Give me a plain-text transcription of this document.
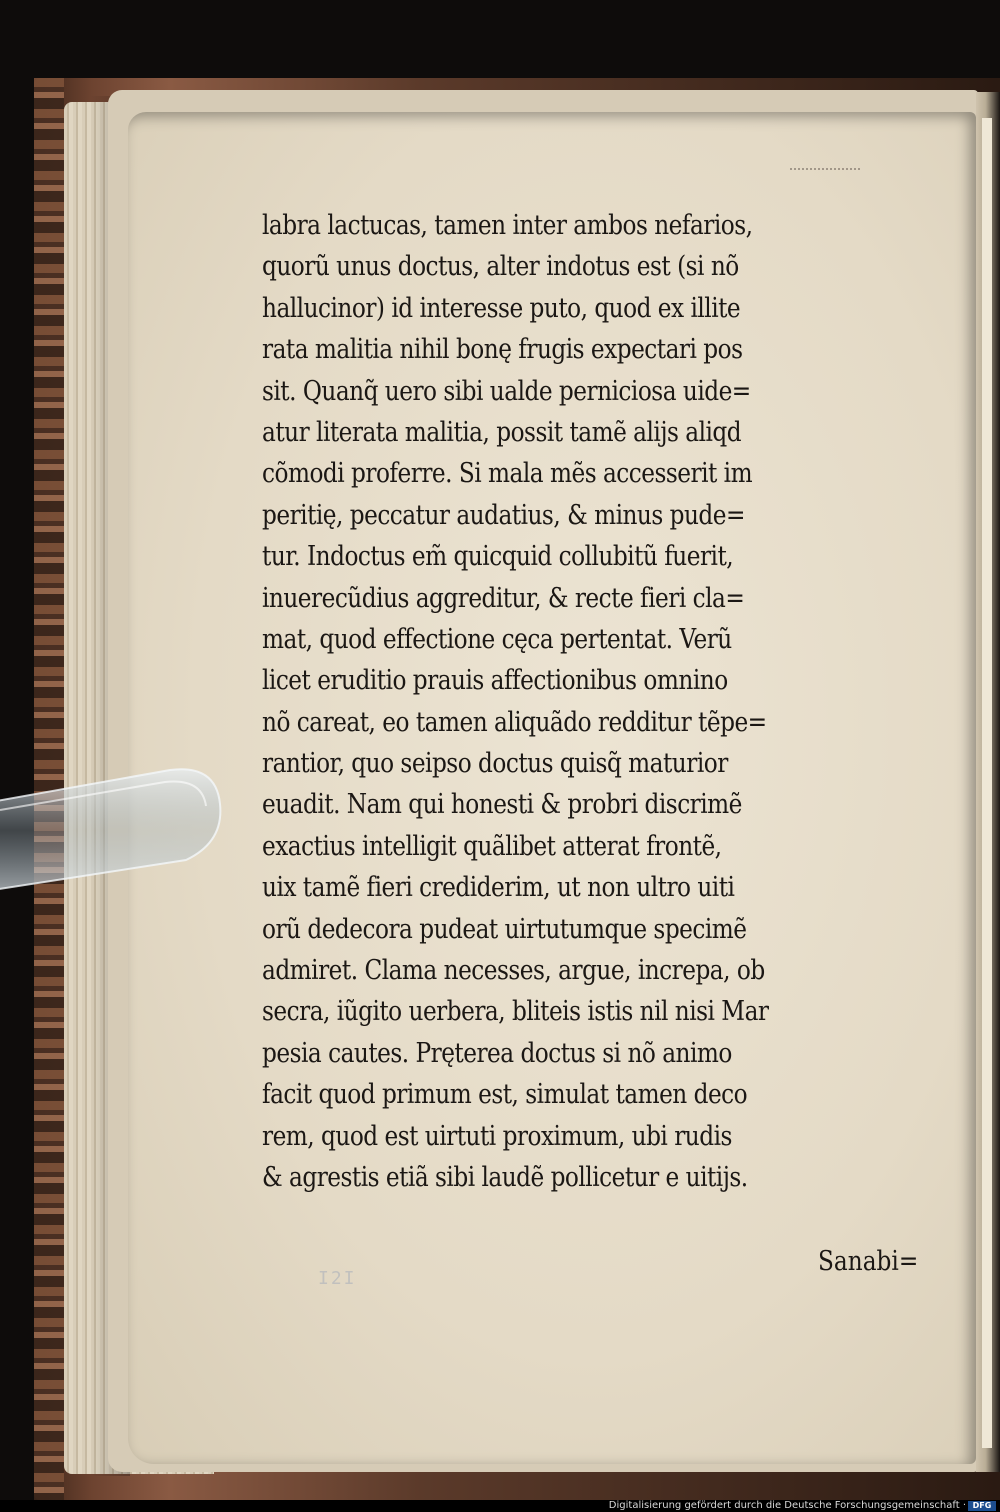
labra lactucas, tamen inter ambos nefarios,
quorũ unus doctus, alter indotus est (si nõ
hallucinor) id interesse puto, quod ex illite
rata malitia nihil bonę frugis expectari pos
sit. Quanq̃ uero sibi ualde perniciosa uide=
atur literata malitia, possit tamẽ alijs aliqd
cõmodi proferre. Si mala mẽs accesserit im
peritię, peccatur audatius, & minus pude=
tur. Indoctus em̃ quicquid collubitũ fuerit,
inuerecũdius aggreditur, & recte fieri cla=
mat, quod effectione cęca pertentat. Verũ
licet eruditio prauis affectionibus omnino
nõ careat, eo tamen aliquãdo redditur tẽpe=
rantior, quo seipso doctus quisq̃ maturior
euadit. Nam qui honesti & probri discrimẽ
exactius intelligit quãlibet atterat frontẽ,
uix tamẽ fieri crediderim, ut non ultro uiti
orũ dedecora pudeat uirtutumque specimẽ
admiret. Clama necesses, argue, increpa, ob
secra, iũgito uerbera, bliteis istis nil nisi Mar
pesia cautes. Pręterea doctus si nõ animo
facit quod primum est, simulat tamen deco
rem, quod est uirtuti proximum, ubi rudis
& agrestis etiã sibi laudẽ pollicetur e uitijs.
Sanabi=
I2I
Digitalisierung gefördert durch die Deutsche Forschungsgemeinschaft · DFG
